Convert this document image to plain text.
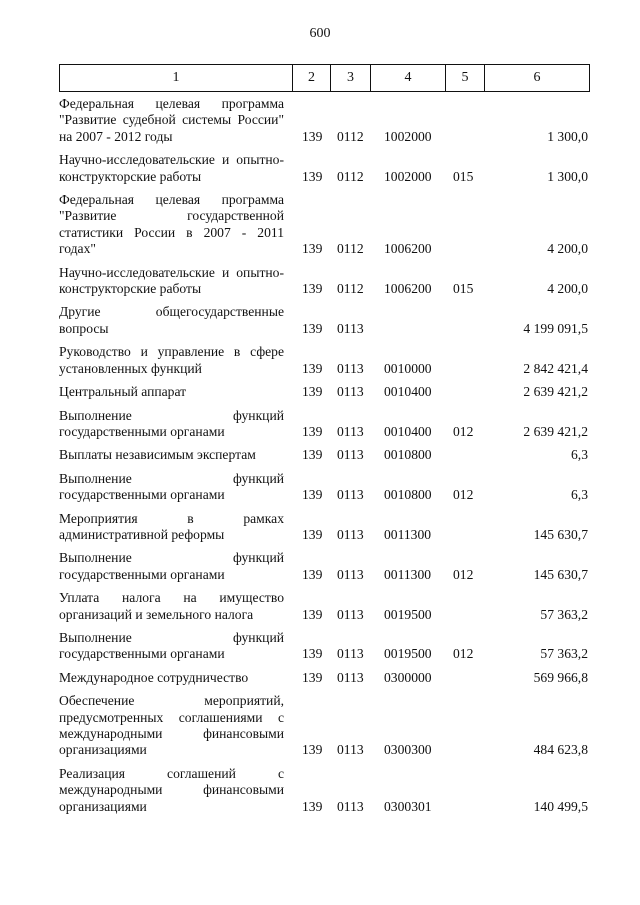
600
1	2	3	4	5	6
Федеральная целевая программа "Развитие судебной системы России" на 2007 - 2012 годы	139	0112	1002000		1 300,0
Научно-исследовательские и опытно-конструкторские работы	139	0112	1002000	015	1 300,0
Федеральная целевая программа "Развитие государственной статистики России в 2007 - 2011 годах"	139	0112	1006200		4 200,0
Научно-исследовательские и опытно-конструкторские работы	139	0112	1006200	015	4 200,0
Другие общегосударственные вопросы	139	0113			4 199 091,5
Руководство и управление в сфере установленных функций	139	0113	0010000		2 842 421,4
Центральный аппарат	139	0113	0010400		2 639 421,2
Выполнение функций государственными органами	139	0113	0010400	012	2 639 421,2
Выплаты независимым экспертам	139	0113	0010800		6,3
Выполнение функций государственными органами	139	0113	0010800	012	6,3
Мероприятия в рамках административной реформы	139	0113	0011300		145 630,7
Выполнение функций государственными органами	139	0113	0011300	012	145 630,7
Уплата налога на имущество организаций и земельного налога	139	0113	0019500		57 363,2
Выполнение функций государственными органами	139	0113	0019500	012	57 363,2
Международное сотрудничество	139	0113	0300000		569 966,8
Обеспечение мероприятий, предусмотренных соглашениями с международными финансовыми организациями	139	0113	0300300		484 623,8
Реализация соглашений с международными финансовыми организациями	139	0113	0300301		140 499,5
